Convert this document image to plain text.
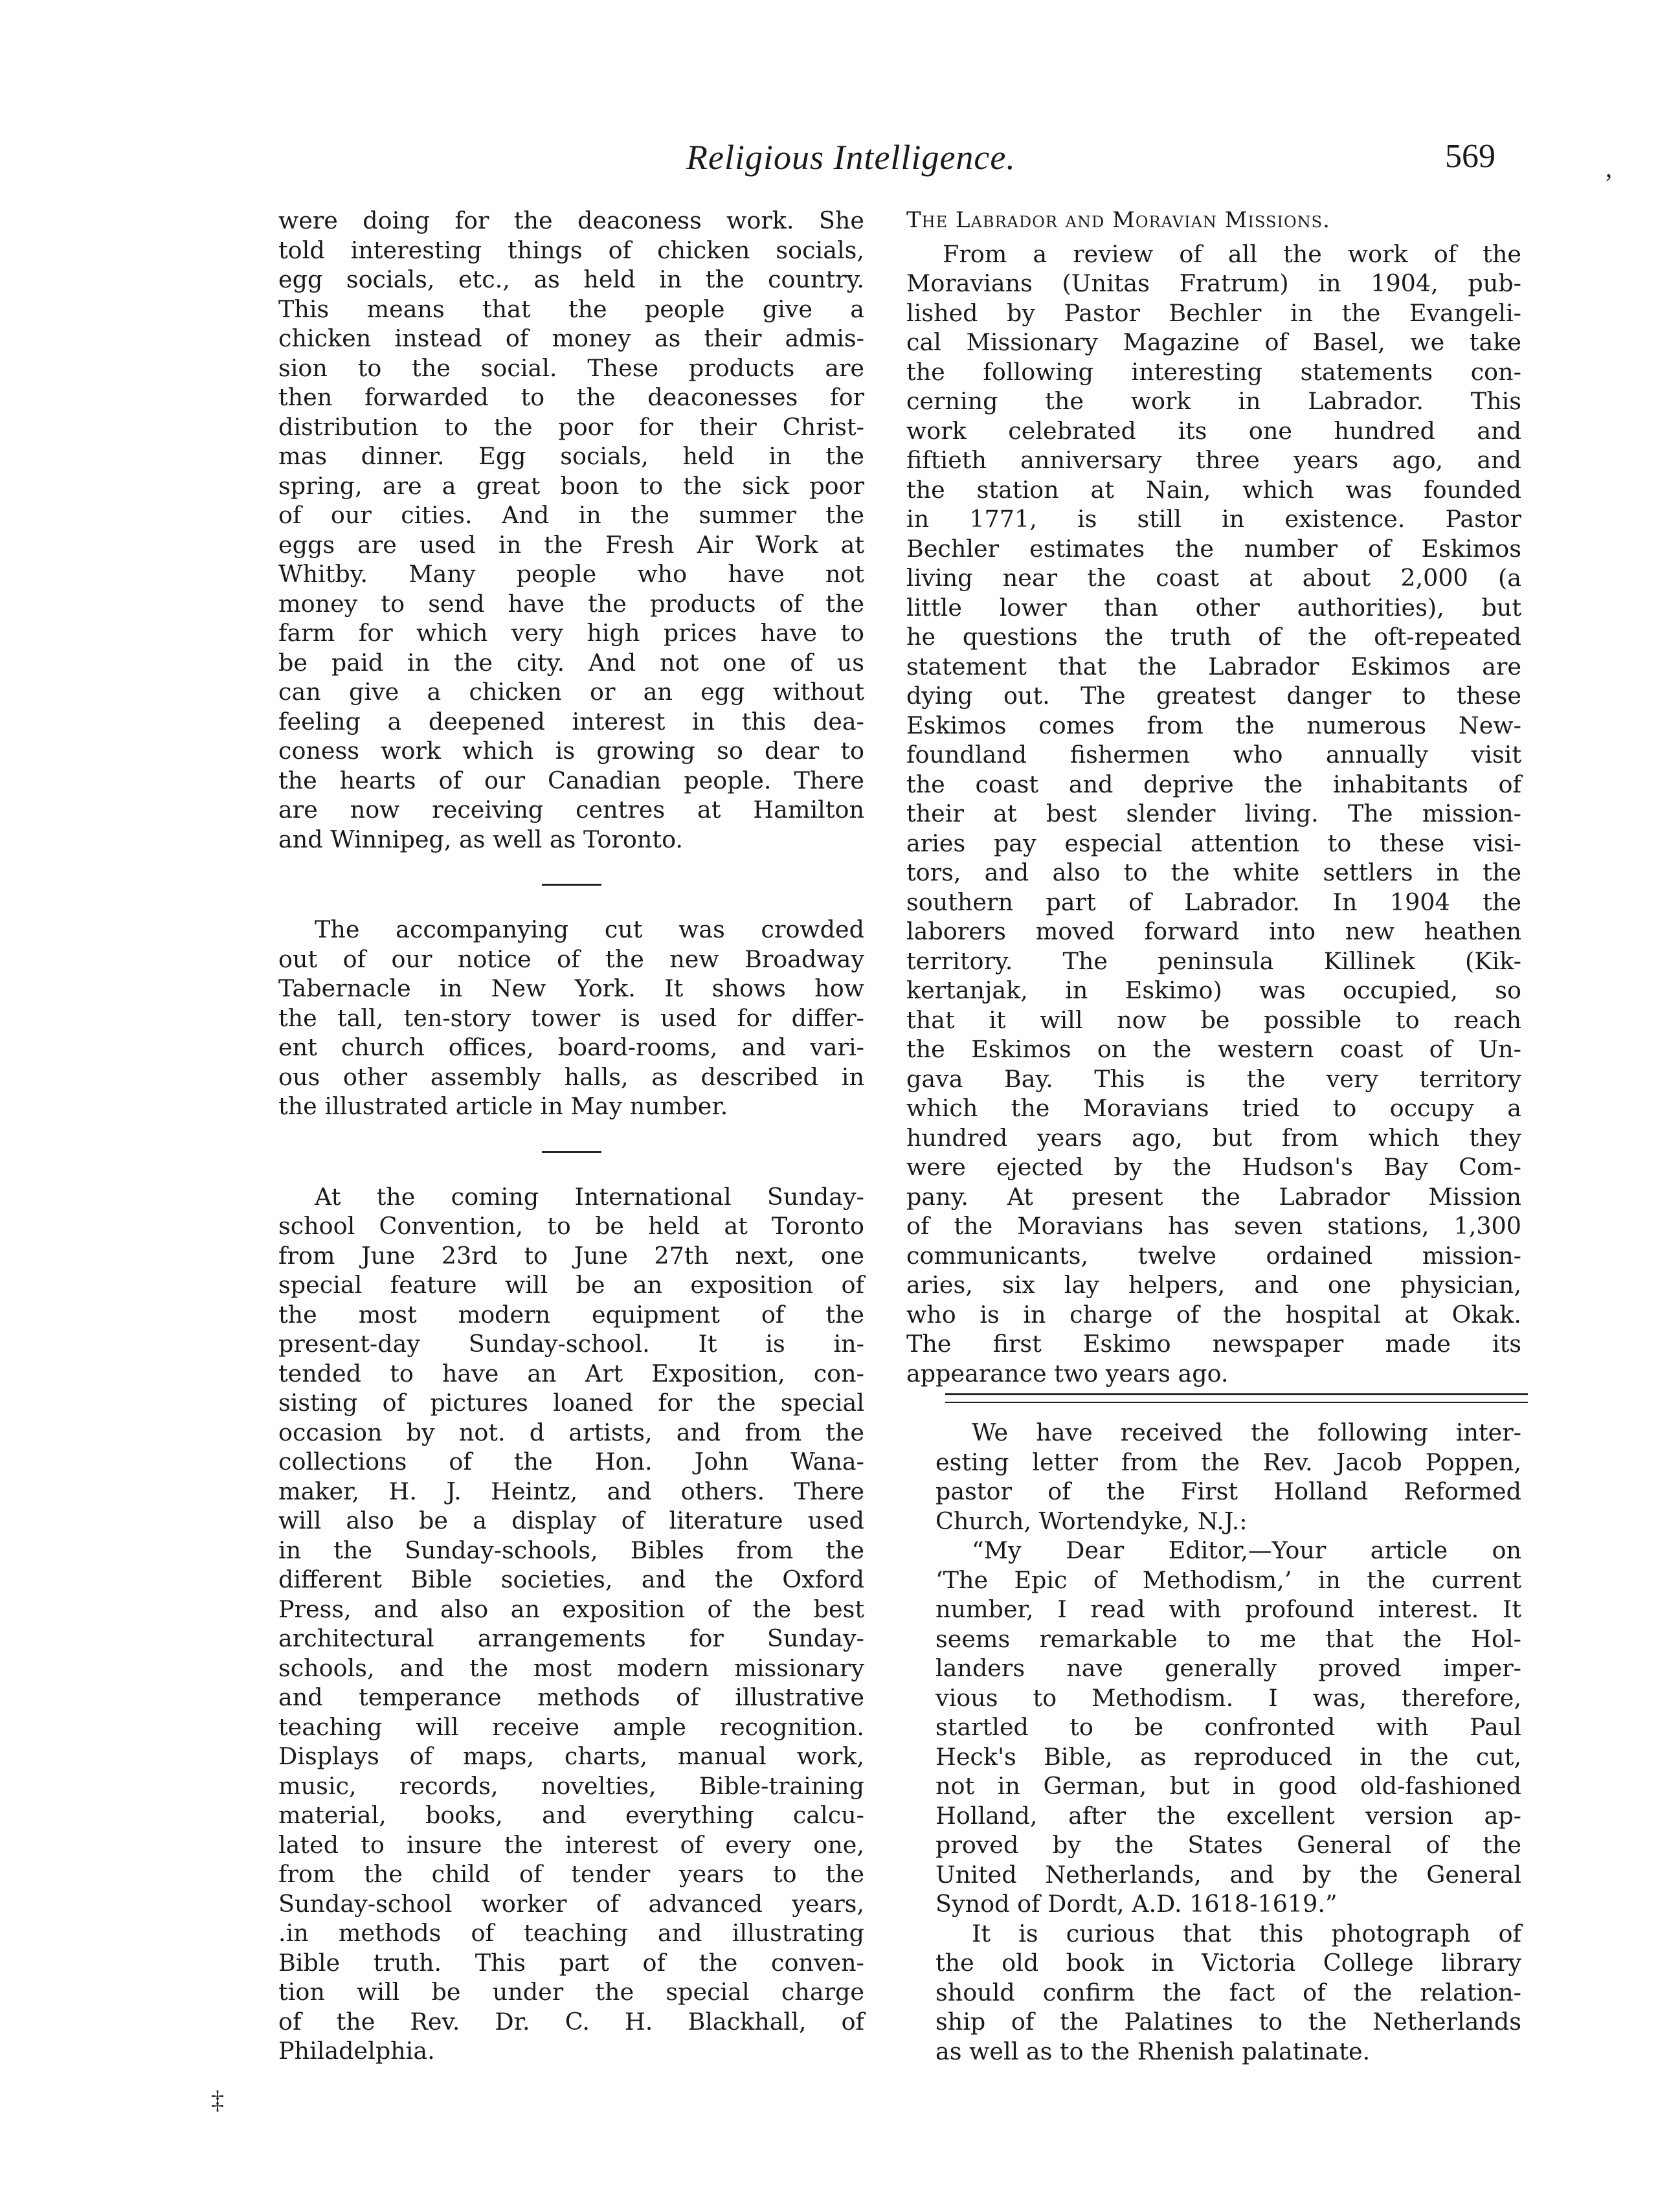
Religious Intelligence.	569	,

were doing for the deaconess work. She
told interesting things of chicken socials,
egg socials, etc., as held in the country.
This means that the people give a
chicken instead of money as their admis-
sion to the social. These products are
then forwarded to the deaconesses for
distribution to the poor for their Christ-
mas dinner. Egg socials, held in the
spring, are a great boon to the sick poor
of our cities. And in the summer the
eggs are used in the Fresh Air Work at
Whitby. Many people who have not
money to send have the products of the
farm for which very high prices have to
be paid in the city. And not one of us
can give a chicken or an egg without
feeling a deepened interest in this dea-
coness work which is growing so dear to
the hearts of our Canadian people. There
are now receiving centres at Hamilton
and Winnipeg, as well as Toronto.

The accompanying cut was crowded
out of our notice of the new Broadway
Tabernacle in New York. It shows how
the tall, ten-story tower is used for differ-
ent church offices, board-rooms, and vari-
ous other assembly halls, as described in
the illustrated article in May number.

At the coming International Sunday-
school Convention, to be held at Toronto
from June 23rd to June 27th next, one
special feature will be an exposition of
the most modern equipment of the
present-day Sunday-school. It is in-
tended to have an Art Exposition, con-
sisting of pictures loaned for the special
occasion by not. d artists, and from the
collections of the Hon. John Wana-
maker, H. J. Heintz, and others. There
will also be a display of literature used
in the Sunday-schools, Bibles from the
different Bible societies, and the Oxford
Press, and also an exposition of the best
architectural arrangements for Sunday-
schools, and the most modern missionary
and temperance methods of illustrative
teaching will receive ample recognition.
Displays of maps, charts, manual work,
music, records, novelties, Bible-training
material, books, and everything calcu-
lated to insure the interest of every one,
from the child of tender years to the
Sunday-school worker of advanced years,
.in methods of teaching and illustrating
Bible truth. This part of the conven-
tion will be under the special charge
of the Rev. Dr. C. H. Blackhall, of
Philadelphia.

The Labrador and Moravian Missions.

From a review of all the work of the
Moravians (Unitas Fratrum) in 1904, pub-
lished by Pastor Bechler in the Evangeli-
cal Missionary Magazine of Basel, we take
the following interesting statements con-
cerning the work in Labrador. This
work celebrated its one hundred and
fiftieth anniversary three years ago, and
the station at Nain, which was founded
in 1771, is still in existence. Pastor
Bechler estimates the number of Eskimos
living near the coast at about 2,000 (a
little lower than other authorities), but
he questions the truth of the oft-repeated
statement that the Labrador Eskimos are
dying out. The greatest danger to these
Eskimos comes from the numerous New-
foundland fishermen who annually visit
the coast and deprive the inhabitants of
their at best slender living. The mission-
aries pay especial attention to these visi-
tors, and also to the white settlers in the
southern part of Labrador. In 1904 the
laborers moved forward into new heathen
territory. The peninsula Killinek (Kik-
kertanjak, in Eskimo) was occupied, so
that it will now be possible to reach
the Eskimos on the western coast of Un-
gava Bay. This is the very territory
which the Moravians tried to occupy a
hundred years ago, but from which they
were ejected by the Hudson's Bay Com-
pany. At present the Labrador Mission
of the Moravians has seven stations, 1,300
communicants, twelve ordained mission-
aries, six lay helpers, and one physician,
who is in charge of the hospital at Okak.
The first Eskimo newspaper made its
appearance two years ago.

We have received the following inter-
esting letter from the Rev. Jacob Poppen,
pastor of the First Holland Reformed
Church, Wortendyke, N.J.:

“My Dear Editor,—Your article on
‘The Epic of Methodism,’ in the current
number, I read with profound interest. It
seems remarkable to me that the Hol-
landers nave generally proved imper-
vious to Methodism. I was, therefore,
startled to be confronted with Paul
Heck's Bible, as reproduced in the cut,
not in German, but in good old-fashioned
Holland, after the excellent version ap-
proved by the States General of the
United Netherlands, and by the General
Synod of Dordt, A.D. 1618-1619.”

It is curious that this photograph of
the old book in Victoria College library
should confirm the fact of the relation-
ship of the Palatines to the Netherlands
as well as to the Rhenish palatinate.

‡
